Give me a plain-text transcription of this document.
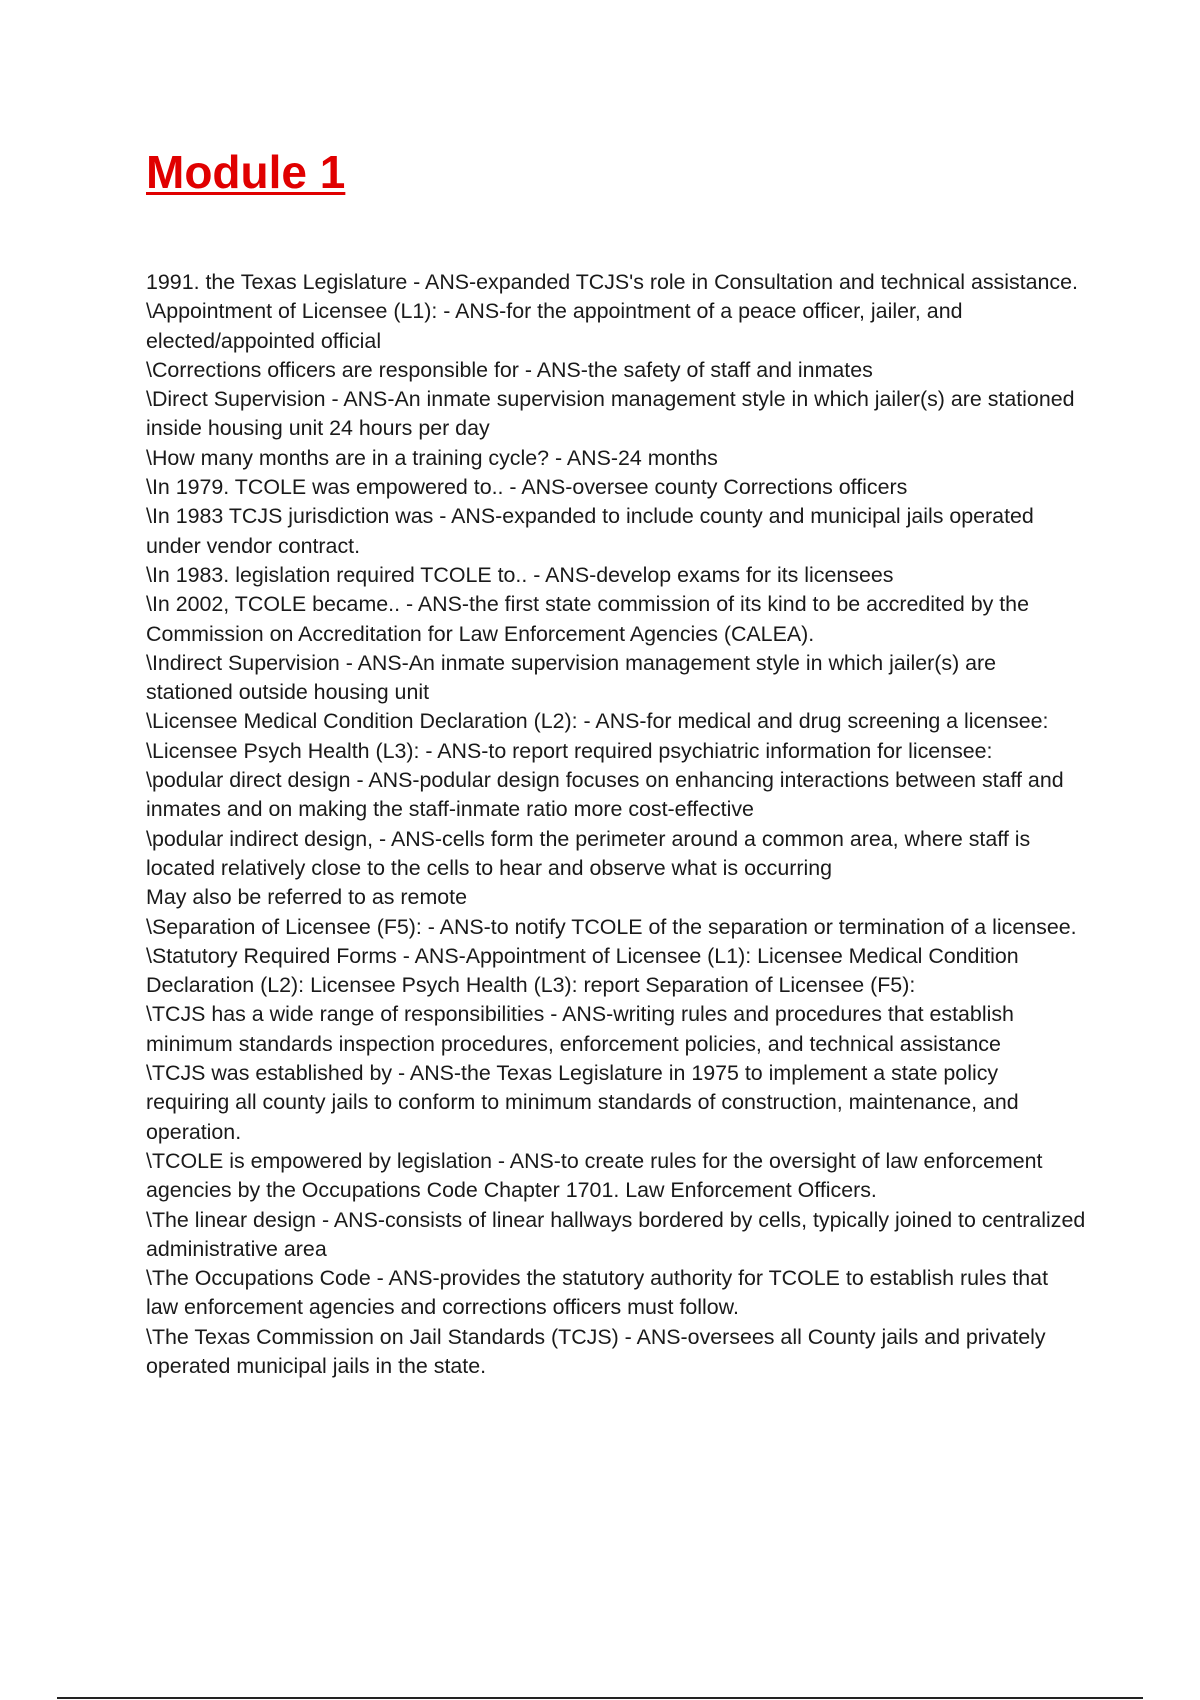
Module 1
1991. the Texas Legislature - ANS-expanded TCJS's role in Consultation and technical assistance.
\Appointment of Licensee (L1): - ANS-for the appointment of a peace officer, jailer, and elected/appointed official
\Corrections officers are responsible for - ANS-the safety of staff and inmates
\Direct Supervision - ANS-An inmate supervision management style in which jailer(s) are stationed inside housing unit 24 hours per day
\How many months are in a training cycle? - ANS-24 months
\In 1979. TCOLE was empowered to.. - ANS-oversee county Corrections officers
\In 1983 TCJS jurisdiction was - ANS-expanded to include county and municipal jails operated under vendor contract.
\In 1983. legislation required TCOLE to.. - ANS-develop exams for its licensees
\In 2002, TCOLE became.. - ANS-the first state commission of its kind to be accredited by the Commission on Accreditation for Law Enforcement Agencies (CALEA).
\Indirect Supervision - ANS-An inmate supervision management style in which jailer(s) are stationed outside housing unit
\Licensee Medical Condition Declaration (L2): - ANS-for medical and drug screening a licensee:
\Licensee Psych Health (L3): - ANS-to report required psychiatric information for licensee:
\podular direct design - ANS-podular design focuses on enhancing interactions between staff and inmates and on making the staff-inmate ratio more cost-effective
\podular indirect design, - ANS-cells form the perimeter around a common area, where staff is located relatively close to the cells to hear and observe what is occurring
May also be referred to as remote
\Separation of Licensee (F5): - ANS-to notify TCOLE of the separation or termination of a licensee.
\Statutory Required Forms - ANS-Appointment of Licensee (L1): Licensee Medical Condition Declaration (L2): Licensee Psych Health (L3): report Separation of Licensee (F5):
\TCJS has a wide range of responsibilities - ANS-writing rules and procedures that establish minimum standards inspection procedures, enforcement policies, and technical assistance
\TCJS was established by - ANS-the Texas Legislature in 1975 to implement a state policy requiring all county jails to conform to minimum standards of construction, maintenance, and operation.
\TCOLE is empowered by legislation - ANS-to create rules for the oversight of law enforcement agencies by the Occupations Code Chapter 1701. Law Enforcement Officers.
\The linear design - ANS-consists of linear hallways bordered by cells, typically joined to centralized administrative area
\The Occupations Code - ANS-provides the statutory authority for TCOLE to establish rules that law enforcement agencies and corrections officers must follow.
\The Texas Commission on Jail Standards (TCJS) - ANS-oversees all County jails and privately operated municipal jails in the state.
